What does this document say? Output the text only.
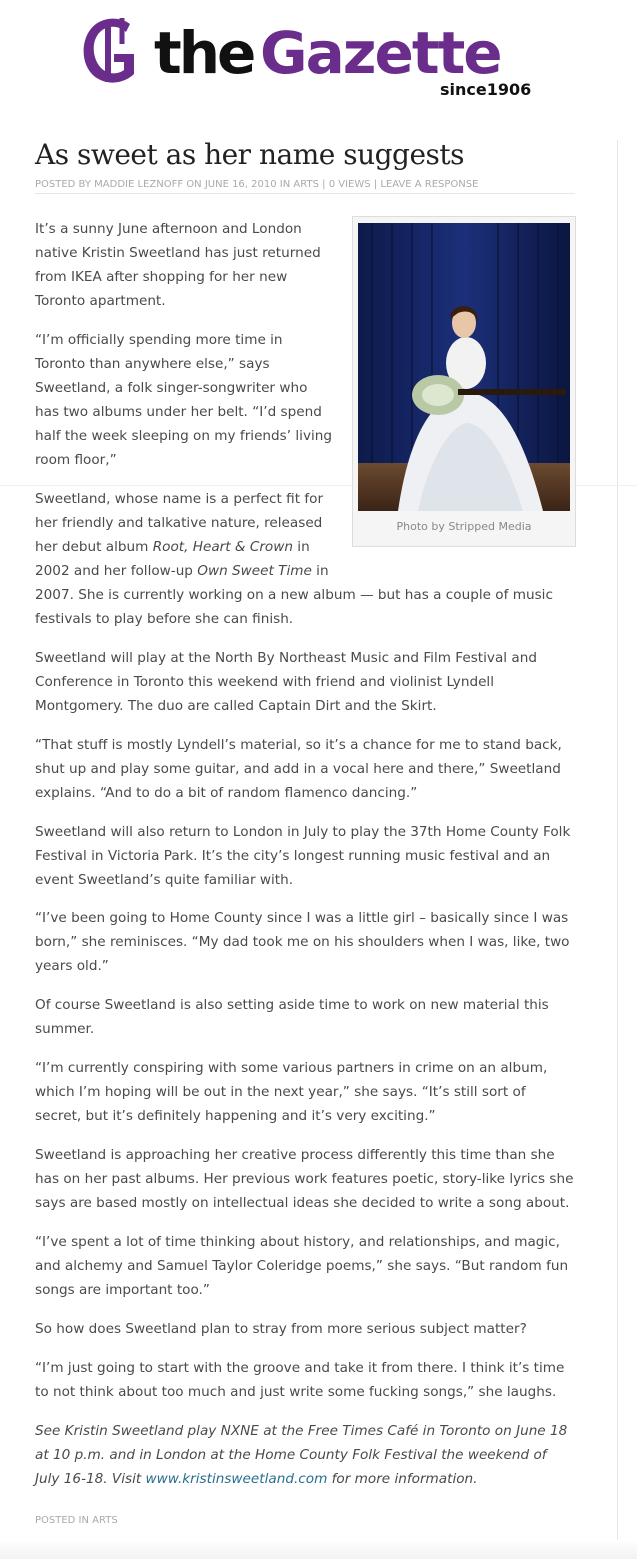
the Gazette
since1906
As sweet as her name suggests
POSTED BY MADDIE LEZNOFF ON JUNE 16, 2010 IN ARTS | 0 VIEWS | LEAVE A RESPONSE
Photo by Stripped Media

It’s a sunny June afternoon and London native Kristin Sweetland has just returned from IKEA after shopping for her new Toronto apartment.

“I’m officially spending more time in Toronto than anywhere else,” says Sweetland, a folk singer-songwriter who has two albums under her belt. “I’d spend half the week sleeping on my friends’ living room floor,”

Sweetland, whose name is a perfect fit for her friendly and talkative nature, released her debut album Root, Heart & Crown in 2002 and her follow-up Own Sweet Time in

2007. She is currently working on a new album — but has a couple of music festivals to play before she can finish.

Sweetland will play at the North By Northeast Music and Film Festival and Conference in Toronto this weekend with friend and violinist Lyndell Montgomery. The duo are called Captain Dirt and the Skirt.

“That stuff is mostly Lyndell’s material, so it’s a chance for me to stand back, shut up and play some guitar, and add in a vocal here and there,” Sweetland explains. “And to do a bit of random flamenco dancing.”

Sweetland will also return to London in July to play the 37th Home County Folk Festival in Victoria Park. It’s the city’s longest running music festival and an event Sweetland’s quite familiar with.

“I’ve been going to Home County since I was a little girl – basically since I was born,” she reminisces. “My dad took me on his shoulders when I was, like, two years old.”

Of course Sweetland is also setting aside time to work on new material this summer.

“I’m currently conspiring with some various partners in crime on an album, which I’m hoping will be out in the next year,” she says. “It’s still sort of secret, but it’s definitely happening and it’s very exciting.”

Sweetland is approaching her creative process differently this time than she has on her past albums. Her previous work features poetic, story-like lyrics she says are based mostly on intellectual ideas she decided to write a song about.

“I’ve spent a lot of time thinking about history, and relationships, and magic, and alchemy and Samuel Taylor Coleridge poems,” she says. “But random fun songs are important too.”

So how does Sweetland plan to stray from more serious subject matter?

“I’m just going to start with the groove and take it from there. I think it’s time to not think about too much and just write some fucking songs,” she laughs.

See Kristin Sweetland play NXNE at the Free Times Café in Toronto on June 18 at 10 p.m. and in London at the Home County Folk Festival the weekend of July 16-18. Visit www.kristinsweetland.com for more information.

POSTED IN ARTS
